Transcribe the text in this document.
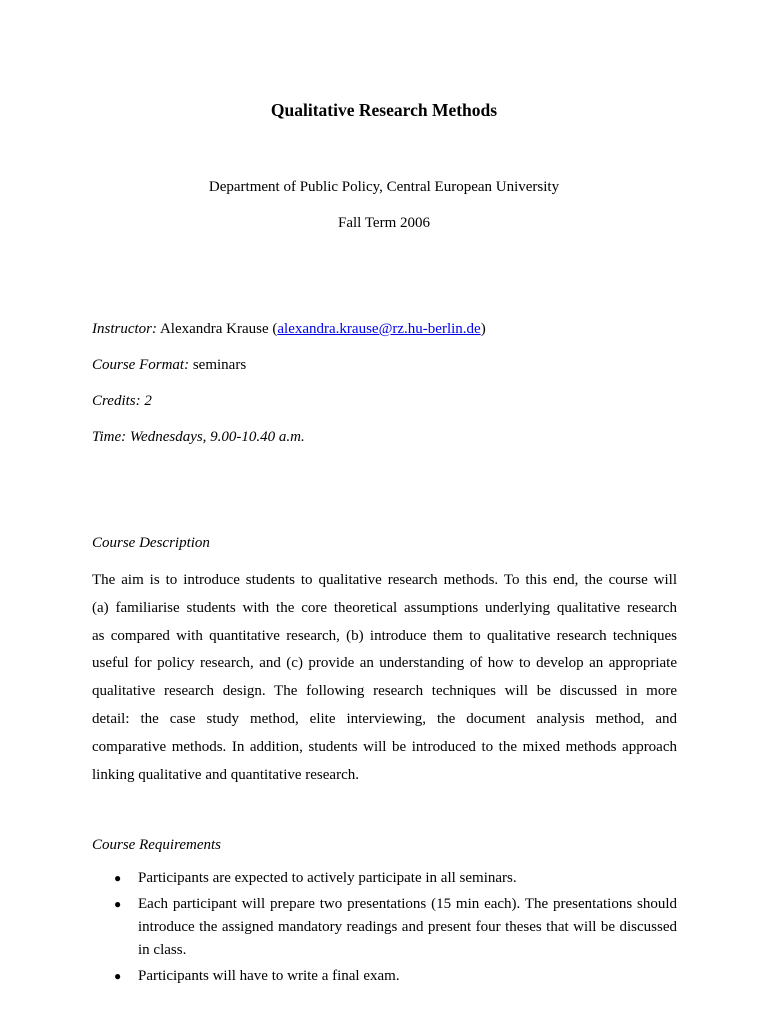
Qualitative Research Methods
Department of Public Policy, Central European University
Fall Term 2006
Instructor: Alexandra Krause (alexandra.krause@rz.hu-berlin.de)
Course Format: seminars
Credits: 2
Time: Wednesdays, 9.00-10.40 a.m.
Course Description
The aim is to introduce students to qualitative research methods. To this end, the course will
(a) familiarise students with the core theoretical assumptions underlying qualitative research
as compared with quantitative research, (b) introduce them to qualitative research techniques
useful for policy research, and (c) provide an understanding of how to develop an appropriate
qualitative research design. The following research techniques will be discussed in more
detail: the case study method, elite interviewing, the document analysis method, and
comparative methods. In addition, students will be introduced to the mixed methods approach
linking qualitative and quantitative research.
Course Requirements
● Participants are expected to actively participate in all seminars.
● Each participant will prepare two presentations (15 min each). The presentations should introduce the assigned mandatory readings and present four theses that will be discussed in class.
● Participants will have to write a final exam.
